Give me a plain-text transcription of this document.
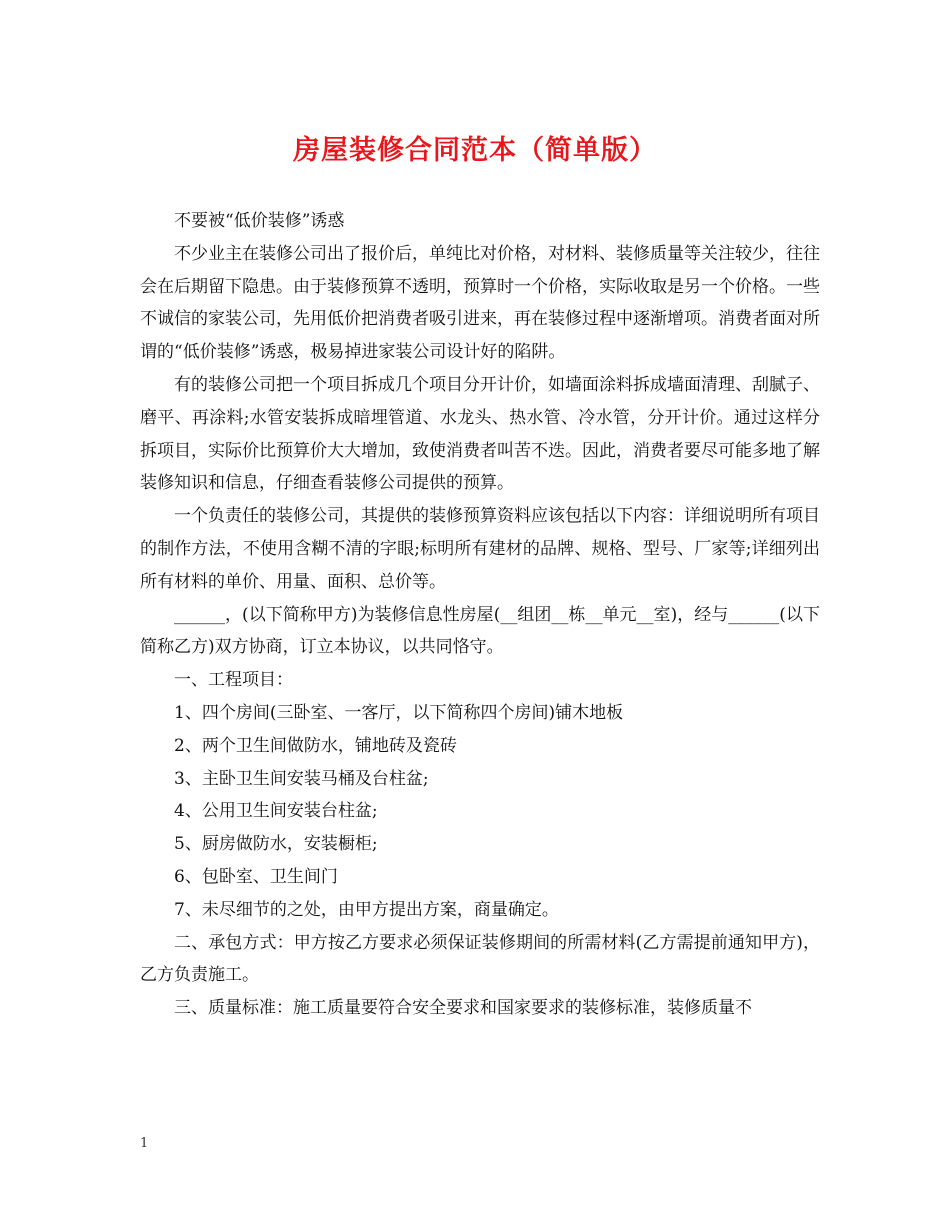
房屋装修合同范本（简单版）

不要被“低价装修”诱惑

不少业主在装修公司出了报价后，单纯比对价格，对材料、装修质量等关注较少，往往会在后期留下隐患。由于装修预算不透明，预算时一个价格，实际收取是另一个价格。一些不诚信的家装公司，先用低价把消费者吸引进来，再在装修过程中逐渐增项。消费者面对所谓的“低价装修”诱惑，极易掉进家装公司设计好的陷阱。

有的装修公司把一个项目拆成几个项目分开计价，如墙面涂料拆成墙面清理、刮腻子、磨平、再涂料;水管安装拆成暗埋管道、水龙头、热水管、冷水管，分开计价。通过这样分拆项目，实际价比预算价大大增加，致使消费者叫苦不迭。因此，消费者要尽可能多地了解装修知识和信息，仔细查看装修公司提供的预算。

一个负责任的装修公司，其提供的装修预算资料应该包括以下内容：详细说明所有项目的制作方法，不使用含糊不清的字眼;标明所有建材的品牌、规格、型号、厂家等;详细列出所有材料的单价、用量、面积、总价等。

______，(以下简称甲方)为装修信息性房屋(__组团__栋__单元__室)，经与______(以下简称乙方)双方协商，订立本协议，以共同恪守。

一、工程项目：

1、四个房间(三卧室、一客厅，以下简称四个房间)铺木地板

2、两个卫生间做防水，铺地砖及瓷砖

3、主卧卫生间安装马桶及台柱盆;

4、公用卫生间安装台柱盆;

5、厨房做防水，安装橱柜;

6、包卧室、卫生间门

7、未尽细节的之处，由甲方提出方案，商量确定。

二、承包方式：甲方按乙方要求必须保证装修期间的所需材料(乙方需提前通知甲方)，乙方负责施工。

三、质量标准：施工质量要符合安全要求和国家要求的装修标准，装修质量不

1
